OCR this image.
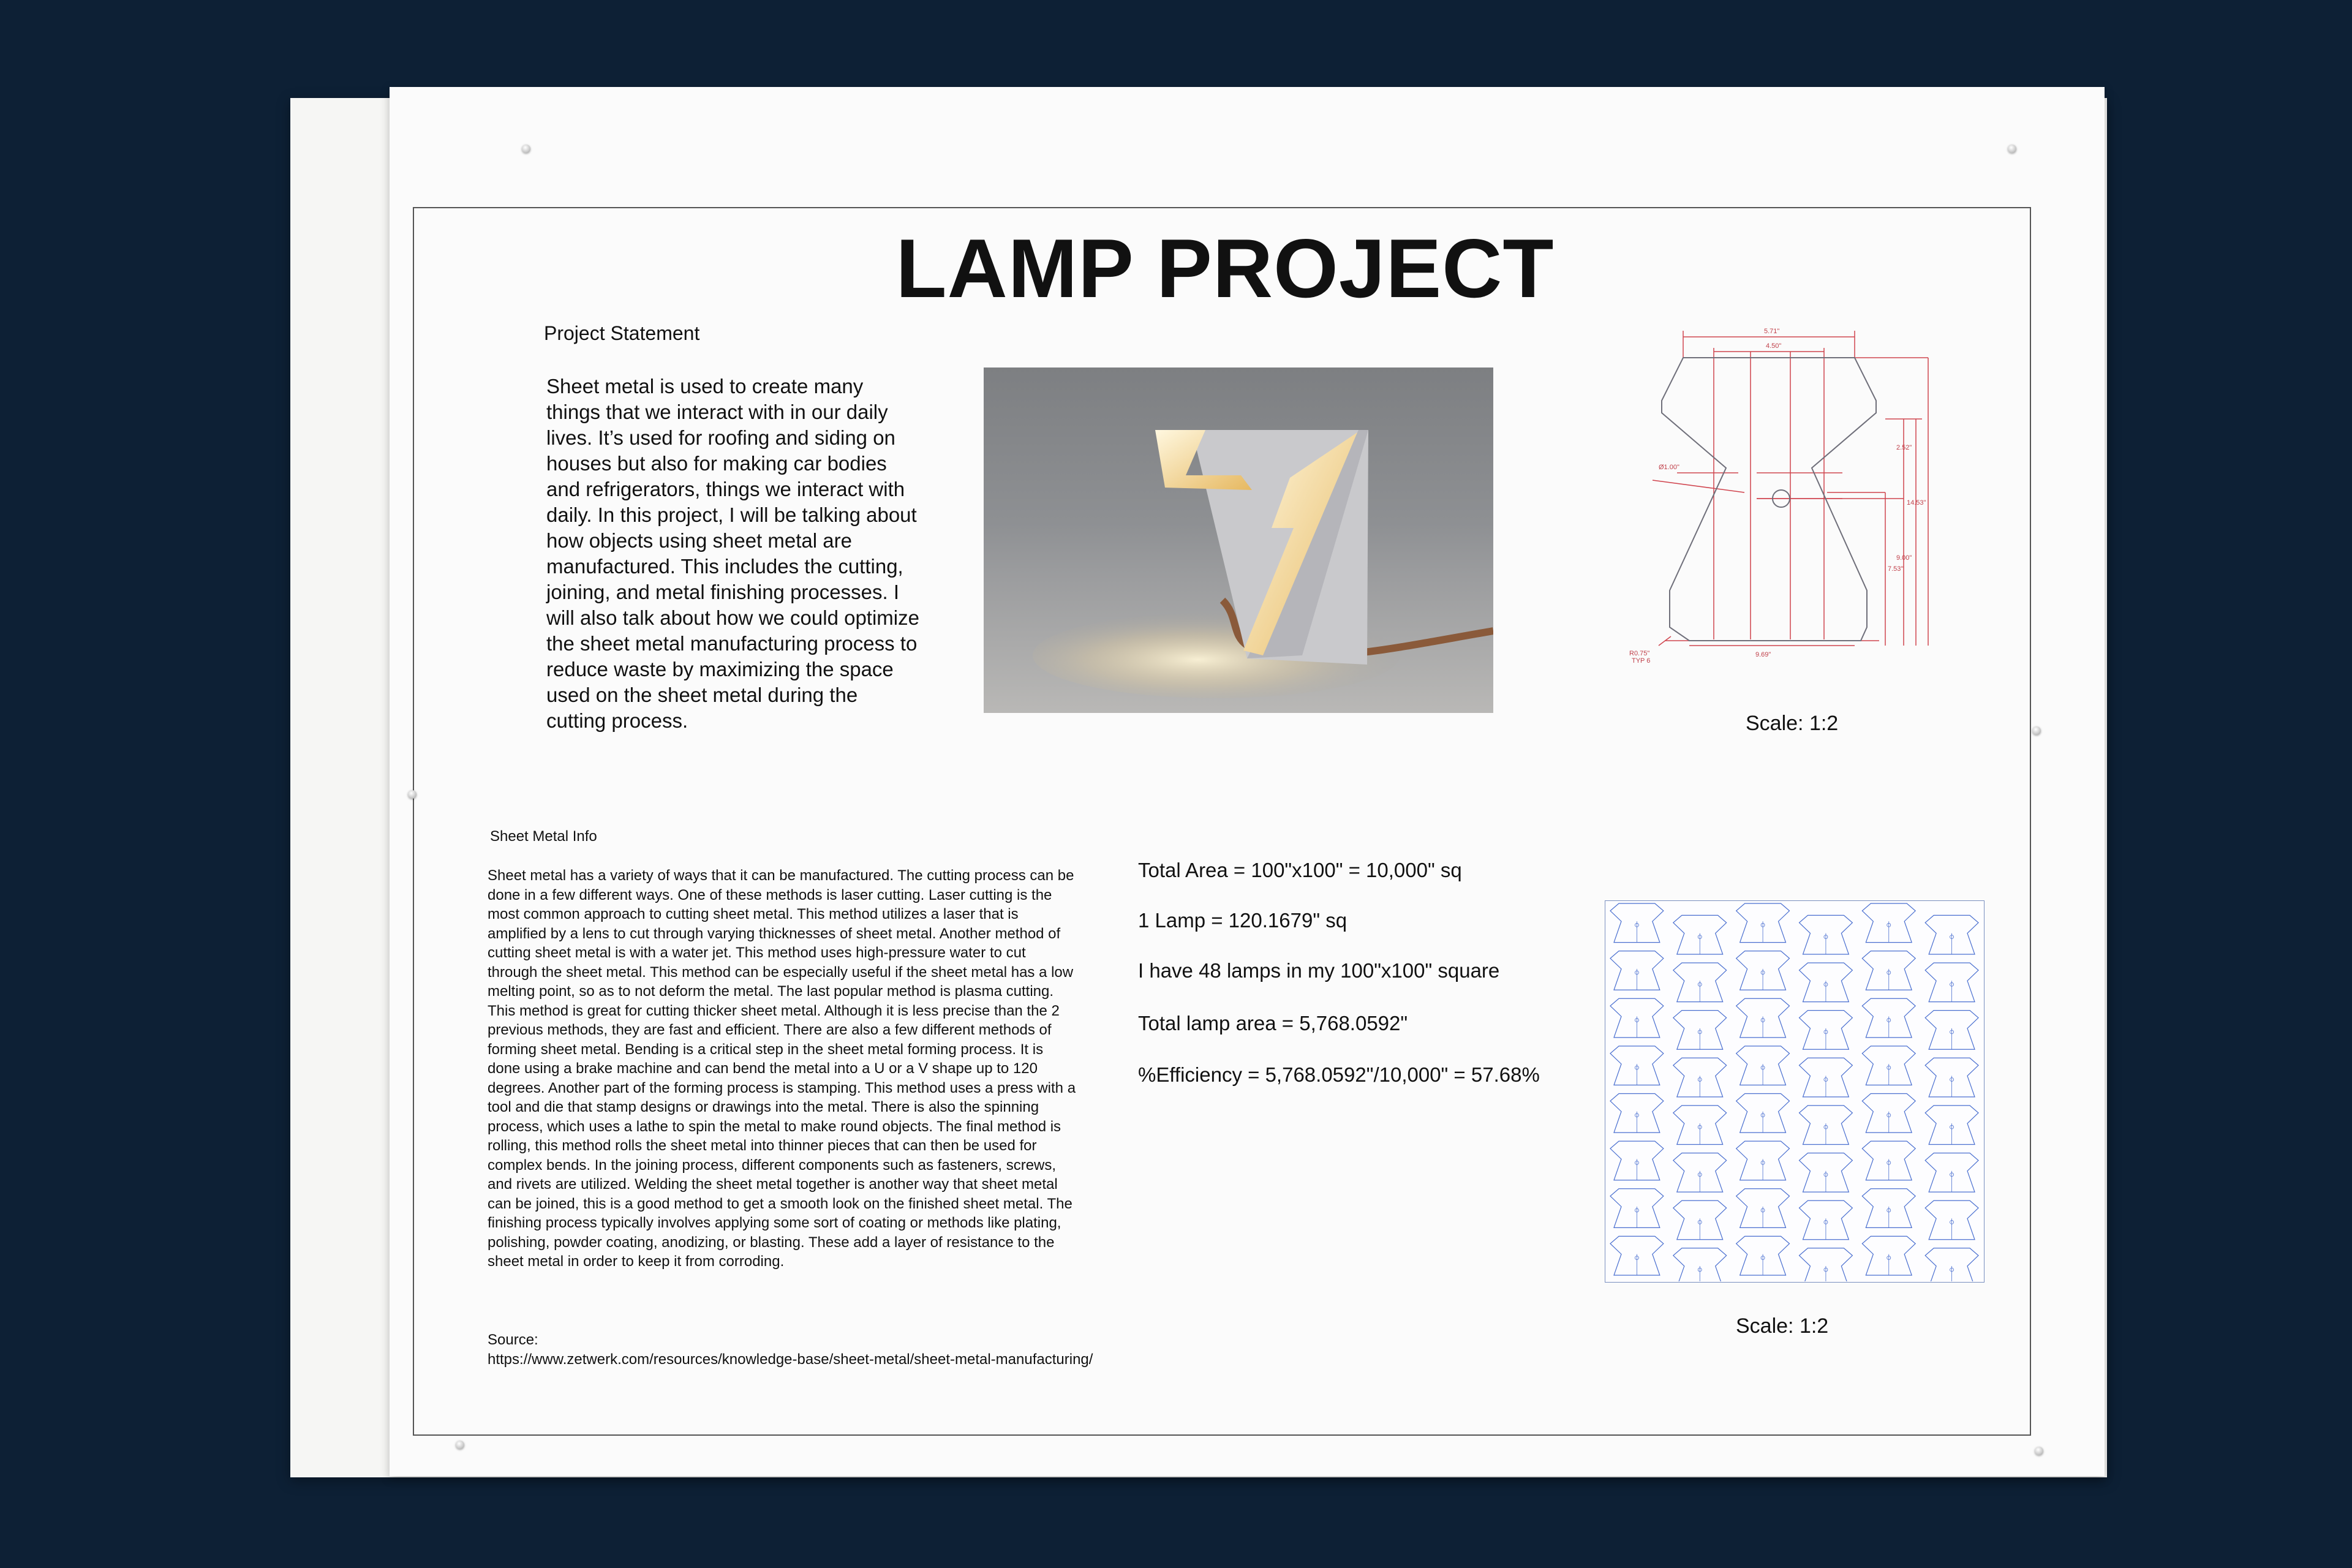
LAMP PROJECT
Project Statement

Sheet metal is used to create many things that we interact with in our daily lives. It’s used for roofing and siding on houses but also for making car bodies and refrigerators, things we interact with daily. In this project, I will be talking about how objects using sheet metal are manufactured. This includes the cutting, joining, and metal finishing processes. I will also talk about how we could optimize the sheet metal manufacturing process to reduce waste by maximizing the space used on the sheet metal during the cutting process.

5.71"
4.50"
Ø1.00"
2.52"
14.53"
9.00"
7.53"
9.69"
R0.75"
TYP 6
Scale: 1:2
Sheet Metal Info

Sheet metal has a variety of ways that it can be manufactured. The cutting process can be done in a few different ways. One of these methods is laser cutting. Laser cutting is the most common approach to cutting sheet metal. This method utilizes a laser that is amplified by a lens to cut through varying thicknesses of sheet metal. Another method of cutting sheet metal is with a water jet. This method uses high-pressure water to cut through the sheet metal. This method can be especially useful if the sheet metal has a low melting point, so as to not deform the metal. The last popular method is plasma cutting. This method is great for cutting thicker sheet metal. Although it is less precise than the 2 previous methods, they are fast and efficient. There are also a few different methods of forming sheet metal. Bending is a critical step in the sheet metal forming process. It is done using a brake machine and can bend the metal into a U or a V shape up to 120 degrees. Another part of the forming process is stamping. This method uses a press with a tool and die that stamp designs or drawings into the metal. There is also the spinning process, which uses a lathe to spin the metal to make round objects. The final method is rolling, this method rolls the sheet metal into thinner pieces that can then be used for complex bends. In the joining process, different components such as fasteners, screws, and rivets are utilized. Welding the sheet metal together is another way that sheet metal can be joined, this is a good method to get a smooth look on the finished sheet metal. The finishing process typically involves applying some sort of coating or methods like plating, polishing, powder coating, anodizing, or blasting. These add a layer of resistance to the sheet metal in order to keep it from corroding.

Source:
https://www.zetwerk.com/resources/knowledge-base/sheet-metal/sheet-metal-manufacturing/
Total Area = 100"x100" = 10,000" sq
1 Lamp = 120.1679" sq
I have 48 lamps in my 100"x100" square
Total lamp area = 5,768.0592"
%Efficiency = 5,768.0592"/10,000" = 57.68%
Scale: 1:2
